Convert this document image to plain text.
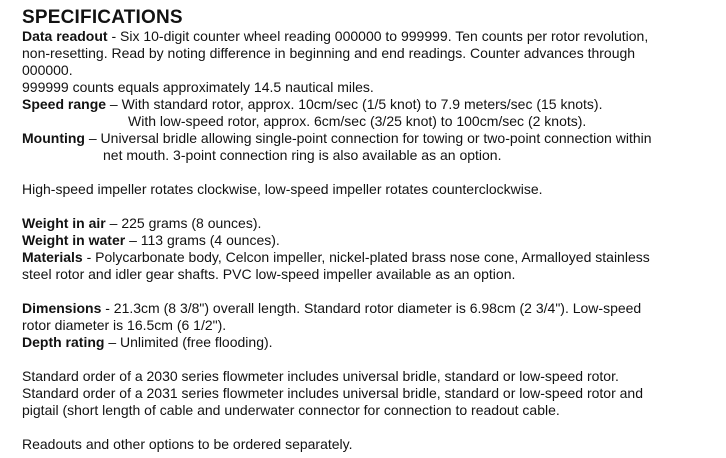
SPECIFICATIONS
Data readout - Six 10-digit counter wheel reading 000000 to 999999. Ten counts per rotor revolution,
non-resetting. Read by noting difference in beginning and end readings. Counter advances through
000000.
999999 counts equals approximately 14.5 nautical miles.
Speed range – With standard rotor, approx. 10cm/sec (1/5 knot) to 7.9 meters/sec (15 knots).
With low-speed rotor, approx. 6cm/sec (3/25 knot) to 100cm/sec (2 knots).
Mounting – Universal bridle allowing single-point connection for towing or two-point connection within
net mouth. 3-point connection ring is also available as an option.
High-speed impeller rotates clockwise, low-speed impeller rotates counterclockwise.
Weight in air – 225 grams (8 ounces).
Weight in water – 113 grams (4 ounces).
Materials - Polycarbonate body, Celcon impeller, nickel-plated brass nose cone, Armalloyed stainless
steel rotor and idler gear shafts. PVC low-speed impeller available as an option.
Dimensions - 21.3cm (8 3/8") overall length. Standard rotor diameter is 6.98cm (2 3/4"). Low-speed
rotor diameter is 16.5cm (6 1/2").
Depth rating – Unlimited (free flooding).
Standard order of a 2030 series flowmeter includes universal bridle, standard or low-speed rotor.
Standard order of a 2031 series flowmeter includes universal bridle, standard or low-speed rotor and
pigtail (short length of cable and underwater connector for connection to readout cable.
Readouts and other options to be ordered separately.
